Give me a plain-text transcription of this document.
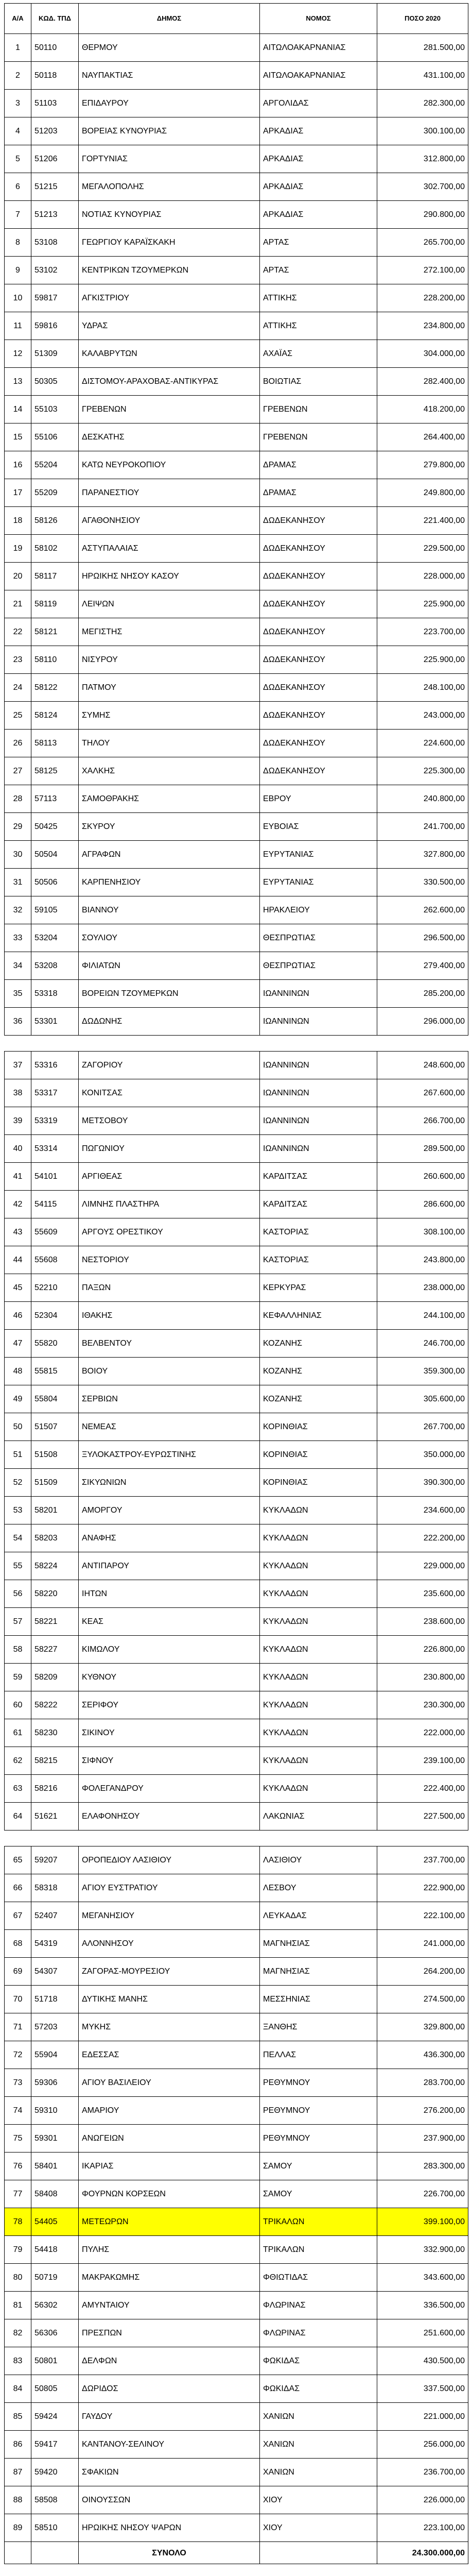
Α/Α	ΚΩΔ. ΤΠΔ	ΔΗΜΟΣ	ΝΟΜΟΣ	ΠΟΣΟ 2020
1	50110	ΘΕΡΜΟΥ	ΑΙΤΩΛΟΑΚΑΡΝΑΝΙΑΣ	281.500,00
2	50118	ΝΑΥΠΑΚΤΙΑΣ	ΑΙΤΩΛΟΑΚΑΡΝΑΝΙΑΣ	431.100,00
3	51103	ΕΠΙΔΑΥΡΟΥ	ΑΡΓΟΛΙΔΑΣ	282.300,00
4	51203	ΒΟΡΕΙΑΣ ΚΥΝΟΥΡΙΑΣ	ΑΡΚΑΔΙΑΣ	300.100,00
5	51206	ΓΟΡΤΥΝΙΑΣ	ΑΡΚΑΔΙΑΣ	312.800,00
6	51215	ΜΕΓΑΛΟΠΟΛΗΣ	ΑΡΚΑΔΙΑΣ	302.700,00
7	51213	ΝΟΤΙΑΣ ΚΥΝΟΥΡΙΑΣ	ΑΡΚΑΔΙΑΣ	290.800,00
8	53108	ΓΕΩΡΓΙΟΥ ΚΑΡΑΪΣΚΑΚΗ	ΑΡΤΑΣ	265.700,00
9	53102	ΚΕΝΤΡΙΚΩΝ ΤΖΟΥΜΕΡΚΩΝ	ΑΡΤΑΣ	272.100,00
10	59817	ΑΓΚΙΣΤΡΙΟΥ	ΑΤΤΙΚΗΣ	228.200,00
11	59816	ΥΔΡΑΣ	ΑΤΤΙΚΗΣ	234.800,00
12	51309	ΚΑΛΑΒΡΥΤΩΝ	ΑΧΑΪΑΣ	304.000,00
13	50305	ΔΙΣΤΟΜΟΥ-ΑΡΑΧΟΒΑΣ-ΑΝΤΙΚΥΡΑΣ	ΒΟΙΩΤΙΑΣ	282.400,00
14	55103	ΓΡΕΒΕΝΩΝ	ΓΡΕΒΕΝΩΝ	418.200,00
15	55106	ΔΕΣΚΑΤΗΣ	ΓΡΕΒΕΝΩΝ	264.400,00
16	55204	ΚΑΤΩ ΝΕΥΡΟΚΟΠΙΟΥ	ΔΡΑΜΑΣ	279.800,00
17	55209	ΠΑΡΑΝΕΣΤΙΟΥ	ΔΡΑΜΑΣ	249.800,00
18	58126	ΑΓΑΘΟΝΗΣΙΟΥ	ΔΩΔΕΚΑΝΗΣΟΥ	221.400,00
19	58102	ΑΣΤΥΠΑΛΑΙΑΣ	ΔΩΔΕΚΑΝΗΣΟΥ	229.500,00
20	58117	ΗΡΩΙΚΗΣ ΝΗΣΟΥ ΚΑΣΟΥ	ΔΩΔΕΚΑΝΗΣΟΥ	228.000,00
21	58119	ΛΕΙΨΩΝ	ΔΩΔΕΚΑΝΗΣΟΥ	225.900,00
22	58121	ΜΕΓΙΣΤΗΣ	ΔΩΔΕΚΑΝΗΣΟΥ	223.700,00
23	58110	ΝΙΣΥΡΟΥ	ΔΩΔΕΚΑΝΗΣΟΥ	225.900,00
24	58122	ΠΑΤΜΟΥ	ΔΩΔΕΚΑΝΗΣΟΥ	248.100,00
25	58124	ΣΥΜΗΣ	ΔΩΔΕΚΑΝΗΣΟΥ	243.000,00
26	58113	ΤΗΛΟΥ	ΔΩΔΕΚΑΝΗΣΟΥ	224.600,00
27	58125	ΧΑΛΚΗΣ	ΔΩΔΕΚΑΝΗΣΟΥ	225.300,00
28	57113	ΣΑΜΟΘΡΑΚΗΣ	ΕΒΡΟΥ	240.800,00
29	50425	ΣΚΥΡΟΥ	ΕΥΒΟΙΑΣ	241.700,00
30	50504	ΑΓΡΑΦΩΝ	ΕΥΡΥΤΑΝΙΑΣ	327.800,00
31	50506	ΚΑΡΠΕΝΗΣΙΟΥ	ΕΥΡΥΤΑΝΙΑΣ	330.500,00
32	59105	ΒΙΑΝΝΟΥ	ΗΡΑΚΛΕΙΟΥ	262.600,00
33	53204	ΣΟΥΛΙΟΥ	ΘΕΣΠΡΩΤΙΑΣ	296.500,00
34	53208	ΦΙΛΙΑΤΩΝ	ΘΕΣΠΡΩΤΙΑΣ	279.400,00
35	53318	ΒΟΡΕΙΩΝ ΤΖΟΥΜΕΡΚΩΝ	ΙΩΑΝΝΙΝΩΝ	285.200,00
36	53301	ΔΩΔΩΝΗΣ	ΙΩΑΝΝΙΝΩΝ	296.000,00

37	53316	ΖΑΓΟΡΙΟΥ	ΙΩΑΝΝΙΝΩΝ	248.600,00
38	53317	ΚΟΝΙΤΣΑΣ	ΙΩΑΝΝΙΝΩΝ	267.600,00
39	53319	ΜΕΤΣΟΒΟΥ	ΙΩΑΝΝΙΝΩΝ	266.700,00
40	53314	ΠΩΓΩΝΙΟΥ	ΙΩΑΝΝΙΝΩΝ	289.500,00
41	54101	ΑΡΓΙΘΕΑΣ	ΚΑΡΔΙΤΣΑΣ	260.600,00
42	54115	ΛΙΜΝΗΣ ΠΛΑΣΤΗΡΑ	ΚΑΡΔΙΤΣΑΣ	286.600,00
43	55609	ΑΡΓΟΥΣ ΟΡΕΣΤΙΚΟΥ	ΚΑΣΤΟΡΙΑΣ	308.100,00
44	55608	ΝΕΣΤΟΡΙΟΥ	ΚΑΣΤΟΡΙΑΣ	243.800,00
45	52210	ΠΑΞΩΝ	ΚΕΡΚΥΡΑΣ	238.000,00
46	52304	ΙΘΑΚΗΣ	ΚΕΦΑΛΛΗΝΙΑΣ	244.100,00
47	55820	ΒΕΛΒΕΝΤΟΥ	ΚΟΖΑΝΗΣ	246.700,00
48	55815	ΒΟΙΟΥ	ΚΟΖΑΝΗΣ	359.300,00
49	55804	ΣΕΡΒΙΩΝ	ΚΟΖΑΝΗΣ	305.600,00
50	51507	ΝΕΜΕΑΣ	ΚΟΡΙΝΘΙΑΣ	267.700,00
51	51508	ΞΥΛΟΚΑΣΤΡΟΥ-ΕΥΡΩΣΤΙΝΗΣ	ΚΟΡΙΝΘΙΑΣ	350.000,00
52	51509	ΣΙΚΥΩΝΙΩΝ	ΚΟΡΙΝΘΙΑΣ	390.300,00
53	58201	ΑΜΟΡΓΟΥ	ΚΥΚΛΑΔΩΝ	234.600,00
54	58203	ΑΝΑΦΗΣ	ΚΥΚΛΑΔΩΝ	222.200,00
55	58224	ΑΝΤΙΠΑΡΟΥ	ΚΥΚΛΑΔΩΝ	229.000,00
56	58220	ΙΗΤΩΝ	ΚΥΚΛΑΔΩΝ	235.600,00
57	58221	ΚΕΑΣ	ΚΥΚΛΑΔΩΝ	238.600,00
58	58227	ΚΙΜΩΛΟΥ	ΚΥΚΛΑΔΩΝ	226.800,00
59	58209	ΚΥΘΝΟΥ	ΚΥΚΛΑΔΩΝ	230.800,00
60	58222	ΣΕΡΙΦΟΥ	ΚΥΚΛΑΔΩΝ	230.300,00
61	58230	ΣΙΚΙΝΟΥ	ΚΥΚΛΑΔΩΝ	222.000,00
62	58215	ΣΙΦΝΟΥ	ΚΥΚΛΑΔΩΝ	239.100,00
63	58216	ΦΟΛΕΓΑΝΔΡΟΥ	ΚΥΚΛΑΔΩΝ	222.400,00
64	51621	ΕΛΑΦΟΝΗΣΟΥ	ΛΑΚΩΝΙΑΣ	227.500,00

65	59207	ΟΡΟΠΕΔΙΟΥ ΛΑΣΙΘΙΟΥ	ΛΑΣΙΘΙΟΥ	237.700,00
66	58318	ΑΓΙΟΥ ΕΥΣΤΡΑΤΙΟΥ	ΛΕΣΒΟΥ	222.900,00
67	52407	ΜΕΓΑΝΗΣΙΟΥ	ΛΕΥΚΑΔΑΣ	222.100,00
68	54319	ΑΛΟΝΝΗΣΟΥ	ΜΑΓΝΗΣΙΑΣ	241.000,00
69	54307	ΖΑΓΟΡΑΣ-ΜΟΥΡΕΣΙΟΥ	ΜΑΓΝΗΣΙΑΣ	264.200,00
70	51718	ΔΥΤΙΚΗΣ ΜΑΝΗΣ	ΜΕΣΣΗΝΙΑΣ	274.500,00
71	57203	ΜΥΚΗΣ	ΞΑΝΘΗΣ	329.800,00
72	55904	ΕΔΕΣΣΑΣ	ΠΕΛΛΑΣ	436.300,00
73	59306	ΑΓΙΟΥ ΒΑΣΙΛΕΙΟΥ	ΡΕΘΥΜΝΟΥ	283.700,00
74	59310	ΑΜΑΡΙΟΥ	ΡΕΘΥΜΝΟΥ	276.200,00
75	59301	ΑΝΩΓΕΙΩΝ	ΡΕΘΥΜΝΟΥ	237.900,00
76	58401	ΙΚΑΡΙΑΣ	ΣΑΜΟΥ	283.300,00
77	58408	ΦΟΥΡΝΩΝ ΚΟΡΣΕΩΝ	ΣΑΜΟΥ	226.700,00
78	54405	ΜΕΤΕΩΡΩΝ	ΤΡΙΚΑΛΩΝ	399.100,00
79	54418	ΠΥΛΗΣ	ΤΡΙΚΑΛΩΝ	332.900,00
80	50719	ΜΑΚΡΑΚΩΜΗΣ	ΦΘΙΩΤΙΔΑΣ	343.600,00
81	56302	ΑΜΥΝΤΑΙΟΥ	ΦΛΩΡΙΝΑΣ	336.500,00
82	56306	ΠΡΕΣΠΩΝ	ΦΛΩΡΙΝΑΣ	251.600,00
83	50801	ΔΕΛΦΩΝ	ΦΩΚΙΔΑΣ	430.500,00
84	50805	ΔΩΡΙΔΟΣ	ΦΩΚΙΔΑΣ	337.500,00
85	59424	ΓΑΥΔΟΥ	ΧΑΝΙΩΝ	221.000,00
86	59417	ΚΑΝΤΑΝΟΥ-ΣΕΛΙΝΟΥ	ΧΑΝΙΩΝ	256.000,00
87	59420	ΣΦΑΚΙΩΝ	ΧΑΝΙΩΝ	236.700,00
88	58508	ΟΙΝΟΥΣΣΩΝ	ΧΙΟΥ	226.000,00
89	58510	ΗΡΩΙΚΗΣ ΝΗΣΟΥ ΨΑΡΩΝ	ΧΙΟΥ	223.100,00
		ΣΥΝΟΛΟ		24.300.000,00
